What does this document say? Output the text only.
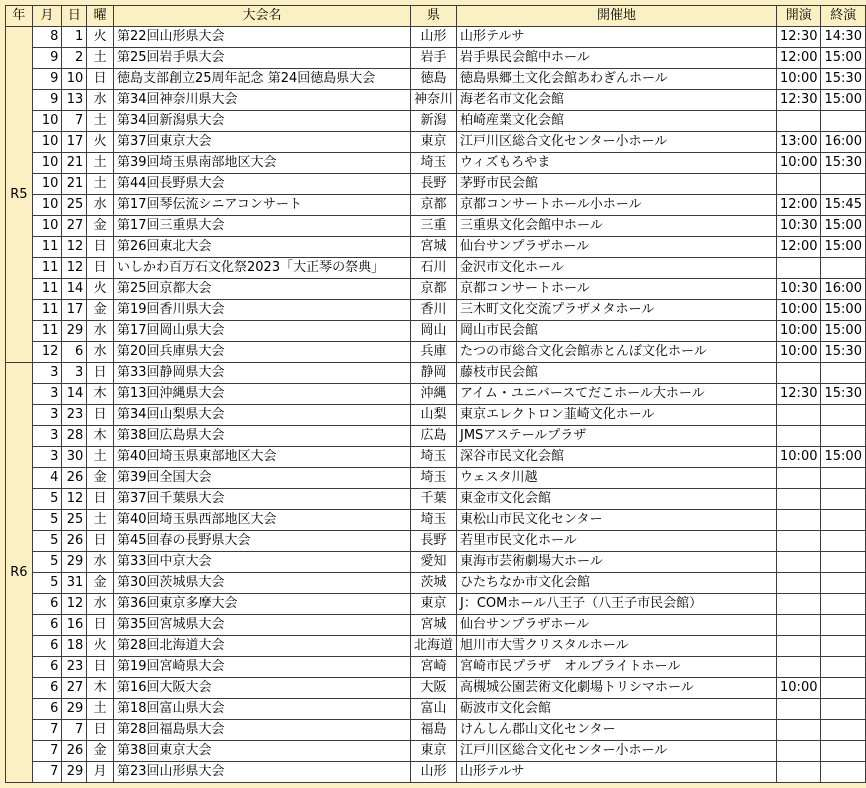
年	月	日	曜	大会名	県	開催地	開演	終演
R5	8	1	火	第22回山形県大会	山形	山形テルサ	12:30	14:30
	9	2	土	第25回岩手県大会	岩手	岩手県民会館中ホール	12:00	15:00
	9	10	日	徳島支部創立25周年記念 第24回徳島県大会	徳島	徳島県郷土文化会館あわぎんホール	10:00	15:30
	9	13	水	第34回神奈川県大会	神奈川	海老名市文化会館	12:30	15:00
	10	7	土	第34回新潟県大会	新潟	柏崎産業文化会館		
	10	17	火	第37回東京大会	東京	江戸川区総合文化センター小ホール	13:00	16:00
	10	21	土	第39回埼玉県南部地区大会	埼玉	ウィズもろやま	10:00	15:30
	10	21	土	第44回長野県大会	長野	茅野市民会館		
	10	25	水	第17回琴伝流シニアコンサート	京都	京都コンサートホール小ホール	12:00	15:45
	10	27	金	第17回三重県大会	三重	三重県文化会館中ホール	10:30	15:00
	11	12	日	第26回東北大会	宮城	仙台サンプラザホール	12:00	15:00
	11	12	日	いしかわ百万石文化祭2023「大正琴の祭典」	石川	金沢市文化ホール		
	11	14	火	第25回京都大会	京都	京都コンサートホール	10:30	16:00
	11	17	金	第19回香川県大会	香川	三木町文化交流プラザメタホール	10:00	15:00
	11	29	水	第17回岡山県大会	岡山	岡山市民会館	10:00	15:00
	12	6	水	第20回兵庫県大会	兵庫	たつの市総合文化会館赤とんぼ文化ホール	10:00	15:30
R6	3	3	日	第33回静岡県大会	静岡	藤枝市民会館		
	3	14	木	第13回沖縄県大会	沖縄	アイム・ユニバースてだこホール大ホール	12:30	15:30
	3	23	日	第34回山梨県大会	山梨	東京エレクトロン韮崎文化ホール		
	3	28	木	第38回広島県大会	広島	JMSアステールプラザ		
	3	30	土	第40回埼玉県東部地区大会	埼玉	深谷市民文化会館	10:00	15:00
	4	26	金	第39回全国大会	埼玉	ウェスタ川越		
	5	12	日	第37回千葉県大会	千葉	東金市文化会館		
	5	25	土	第40回埼玉県西部地区大会	埼玉	東松山市民文化センター		
	5	26	日	第45回春の長野県大会	長野	若里市民文化ホール		
	5	29	水	第33回中京大会	愛知	東海市芸術劇場大ホール		
	5	31	金	第30回茨城県大会	茨城	ひたちなか市文化会館		
	6	12	水	第36回東京多摩大会	東京	J：COMホール八王子（八王子市民会館）		
	6	16	日	第35回宮城県大会	宮城	仙台サンプラザホール		
	6	18	火	第28回北海道大会	北海道	旭川市大雪クリスタルホール		
	6	23	日	第19回宮崎県大会	宮崎	宮崎市民プラザ　オルブライトホール		
	6	27	木	第16回大阪大会	大阪	高槻城公園芸術文化劇場トリシマホール	10:00	
	6	29	土	第18回富山県大会	富山	砺波市文化会館		
	7	7	日	第28回福島県大会	福島	けんしん郡山文化センター		
	7	26	金	第38回東京大会	東京	江戸川区総合文化センター小ホール		
	7	29	月	第23回山形県大会	山形	山形テルサ		
